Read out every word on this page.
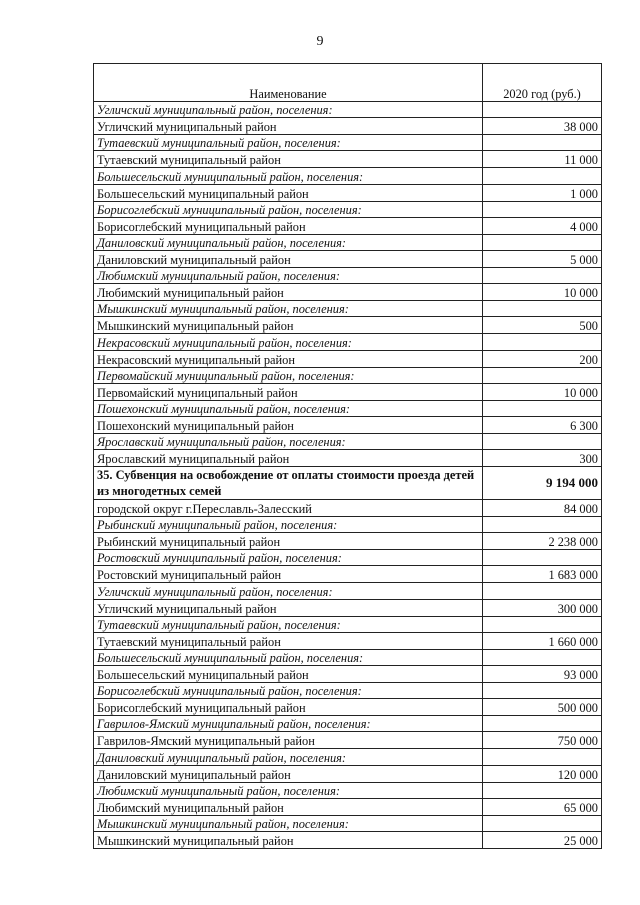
9
Наименование	2020 год (руб.)
Угличский муниципальный район, поселения:	
Угличский муниципальный район	38 000
Тутаевский муниципальный район, поселения:	
Тутаевский муниципальный район	11 000
Большесельский муниципальный район, поселения:	
Большесельский муниципальный район	1 000
Борисоглебский муниципальный район, поселения:	
Борисоглебский муниципальный район	4 000
Даниловский муниципальный район, поселения:	
Даниловский муниципальный район	5 000
Любимский муниципальный район, поселения:	
Любимский муниципальный район	10 000
Мышкинский муниципальный район, поселения:	
Мышкинский муниципальный район	500
Некрасовский муниципальный район, поселения:	
Некрасовский муниципальный район	200
Первомайский муниципальный район, поселения:	
Первомайский муниципальный район	10 000
Пошехонский муниципальный район, поселения:	
Пошехонский муниципальный район	6 300
Ярославский муниципальный район, поселения:	
Ярославский муниципальный район	300
35. Субвенция на освобождение от оплаты стоимости проезда детей из многодетных семей	9 194 000
городской округ г.Переславль-Залесский	84 000
Рыбинский муниципальный район, поселения:	
Рыбинский муниципальный район	2 238 000
Ростовский муниципальный район, поселения:	
Ростовский муниципальный район	1 683 000
Угличский муниципальный район, поселения:	
Угличский муниципальный район	300 000
Тутаевский муниципальный район, поселения:	
Тутаевский муниципальный район	1 660 000
Большесельский муниципальный район, поселения:	
Большесельский муниципальный район	93 000
Борисоглебский муниципальный район, поселения:	
Борисоглебский муниципальный район	500 000
Гаврилов-Ямский муниципальный район, поселения:	
Гаврилов-Ямский муниципальный район	750 000
Даниловский муниципальный район, поселения:	
Даниловский муниципальный район	120 000
Любимский муниципальный район, поселения:	
Любимский муниципальный район	65 000
Мышкинский муниципальный район, поселения:	
Мышкинский муниципальный район	25 000
